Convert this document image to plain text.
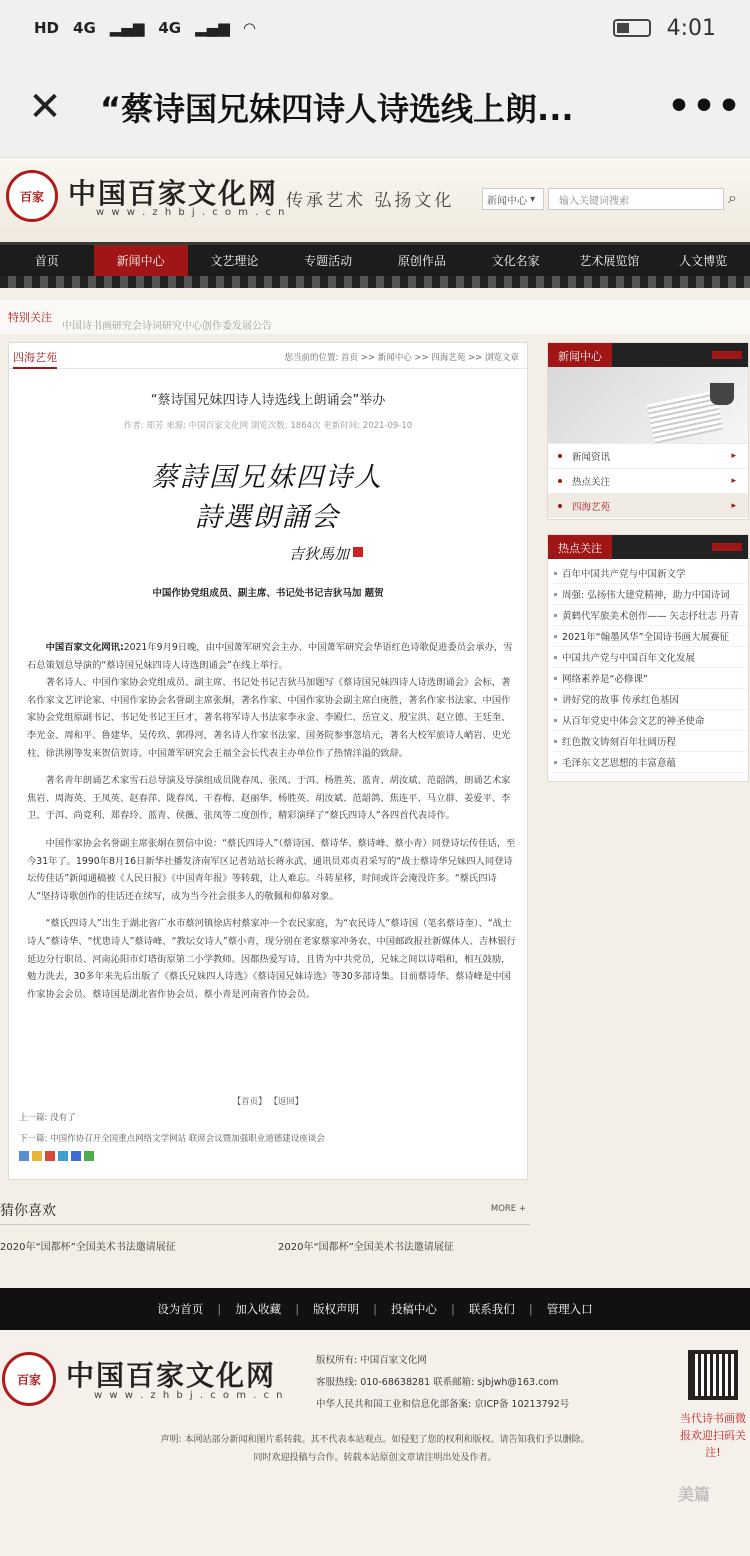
HD 4G ▂▄▆ 4G ▂▄▆ ◠	4:01
✕	“蔡诗国兄妹四诗人诗选线上朗...	•••
百家 中国百家文化网
w w w . z h b j . c o m . c n
传承艺术 弘扬文化	新闻中心 ▾	输入关键词搜索	⌕
首页	新闻中心	文艺理论	专题活动	原创作品	文化名家	艺术展览馆	人文博览
特别关注
中国诗书画研究会诗词研究中心创作委发展公告
四海艺苑	您当前的位置: 首页 >> 新闻中心 >> 四海艺苑 >> 浏览文章
“蔡诗国兄妹四诗人诗选线上朗诵会”举办
作者: 郑芳 来源: 中国百家文化网 浏览次数: 1864次 更新时间: 2021-09-10
蔡詩国兄妹四诗人
詩選朗誦会
吉狄馬加
中国作协党组成员、副主席、书记处书记吉狄马加 题贺

中国百家文化网讯:2021年9月9日晚，由中国萧军研究会主办、中国萧军研究会华语红色诗歌促进委员会承办，雪石总策划总导演的“蔡诗国兄妹四诗人诗选朗诵会”在线上举行。

著名诗人、中国作家协会党组成员、副主席、书记处书记吉狄马加题写《蔡诗国兄妹四诗人诗选朗诵会》会标，著名作家文艺评论家、中国作家协会名誉副主席张炯，著名作家、中国作家协会副主席白庚胜，著名作家书法家、中国作家协会党组原副书记、书记处书记王巨才，著名将军诗人书法家李永金、李殿仁、岳宣义、殷宝洪、赵立德、王廷奎、李光金、周和平、鲁建华、吴传玖、郭得河，著名诗人作家书法家、国务院参事忽培元，著名大校军旅诗人峭岩、史光柱、徐洪刚等发来贺信贺诗。中国萧军研究会王福全会长代表主办单位作了热情洋溢的致辞。

著名青年朗诵艺术家雪石总导演及导演组成员陇春凤、张凤、于洱、杨胜英、蓝青、胡汝斌、范韶鸽，朗诵艺术家焦岩、周海英、王凤英、赵春萍、陇春凤、干春梅、赵丽华、杨胜英、胡汝斌、范韶鸽、焦连平、马立群、姜爱平、李卫、于洱、尚竟利、郑春玲、蓝青、侯薇、张凤等二度创作，精彩演绎了“蔡氏四诗人”各四首代表诗作。

中国作家协会名誉副主席张炯在贺信中说：“蔡氏四诗人”（蔡诗国、蔡诗华、蔡诗峰、蔡小青）同登诗坛传佳话，至今31年了。1990年8月16日新华社播发济南军区记者站站长蒋永武、通讯员邓贞君采写的“战士蔡诗华兄妹四人同登诗坛传佳话”新闻通稿被《人民日报》《中国青年报》等转载，让人难忘。斗转星移，时间或许会淹没许多。“蔡氏四诗人”坚持诗歌创作的佳话还在续写，成为当今社会很多人的敬佩和仰慕对象。

“蔡氏四诗人”出生于湖北省广水市蔡河镇徐店村蔡家冲一个农民家庭，为“农民诗人”蔡诗国（笔名蔡诗奎）、“战士诗人”蔡诗华、“忧患诗人”蔡诗峰、“教坛女诗人”蔡小青，现分别在老家蔡家冲务农、中国邮政报社新媒体人、吉林银行延边分行职员、河南沁阳市灯塔街原第二小学教师。因都热爱写诗，且皆为中共党员，兄妹之间以诗唱和，相互鼓励，勉力洗去，30多年来先后出版了《蔡氏兄妹四人诗选》《蔡诗国兄妹诗选》等30多部诗集。目前蔡诗华、蔡诗峰是中国作家协会会员、蔡诗国是湖北省作协会员、蔡小青是河南省作协会员。

【首页】 【返回】
上一篇: 没有了
下一篇: 中国作协召开全国重点网络文学网站 联席会议暨加强职业道德建设座谈会
新闻中心
新闻资讯	▸
热点关注	▸
四海艺苑	▸
热点关注
百年中国共产党与中国新文学
周强: 弘扬伟大建党精神，助力中国诗词
黄鹤代军旅美术创作—— 矢志抒壮志 丹青
2021年“翰墨风华”全国诗书画大展赛征
中国共产党与中国百年文化发展
网络素养是“必修课”
讲好党的故事 传承红色基因
从百年党史中体会文艺的神圣使命
红色散文铸刻百年壮阔历程
毛泽东文艺思想的丰富意蕴
猜你喜欢	MORE +
2020年“国都杯”全国美术书法邀请展征	2020年“国都杯”全国美术书法邀请展征
设为首页	|	加入收藏	|	版权声明	|	投稿中心	|	联系我们	|	管理入口
百家 中国百家文化网
w w w . z h b j . c o m . c n
版权所有: 中国百家文化网
客服热线: 010-68638281 联系邮箱: sjbjwh@163.com
中华人民共和国工业和信息化部备案: 京ICP备 10213792号
声明: 本网站部分新闻和图片系转载。其不代表本站观点。如侵犯了您的权利和版权。请告知我们予以删除。
同时欢迎投稿与合作。转载本站原创文章请注明出处及作者。
当代诗书画微报欢迎扫码关注!
美篇
